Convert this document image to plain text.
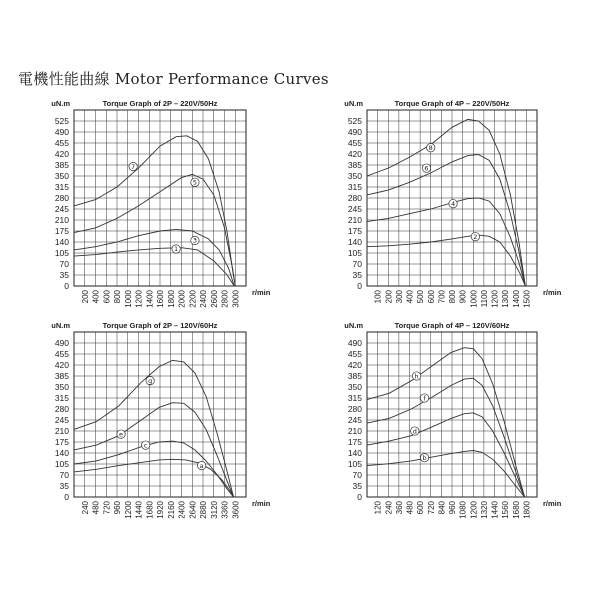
電機性能曲線 Motor Performance Curves
Torque Graph of 2P – 220V/50Hz
uN.m
0
35
70
105
140
175
210
245
280
315
350
385
420
455
490
525
200 400 600 800 1000 1200 1400 1600 1800 2000 2200 2400 2600 2800 3000 r/min
7
5
3
1
Torque Graph of 4P – 220V/50Hz
uN.m
0
35
70
105
140
175
210
245
280
315
350
385
420
455
490
525
100 200 300 400 500 600 700 800 900 1000 1100 1200 1300 1400 1500 r/min
8
6
4
2
Torque Graph of 2P – 120V/60Hz
uN.m
0
35
70
105
140
175
210
245
280
315
350
385
420
455
490
240 480 720 960 1200 1440 1680 1920 2160 2400 2640 2880 3120 3360 3600 r/min
g
e
c
a
Torque Graph of 4P – 120V/60Hz
uN.m
0
35
70
105
140
175
210
245
280
315
350
385
420
455
490
120 240 360 480 600 720 840 960 1080 1200 1320 1440 1560 1680 1800 r/min
h
f
d
b
